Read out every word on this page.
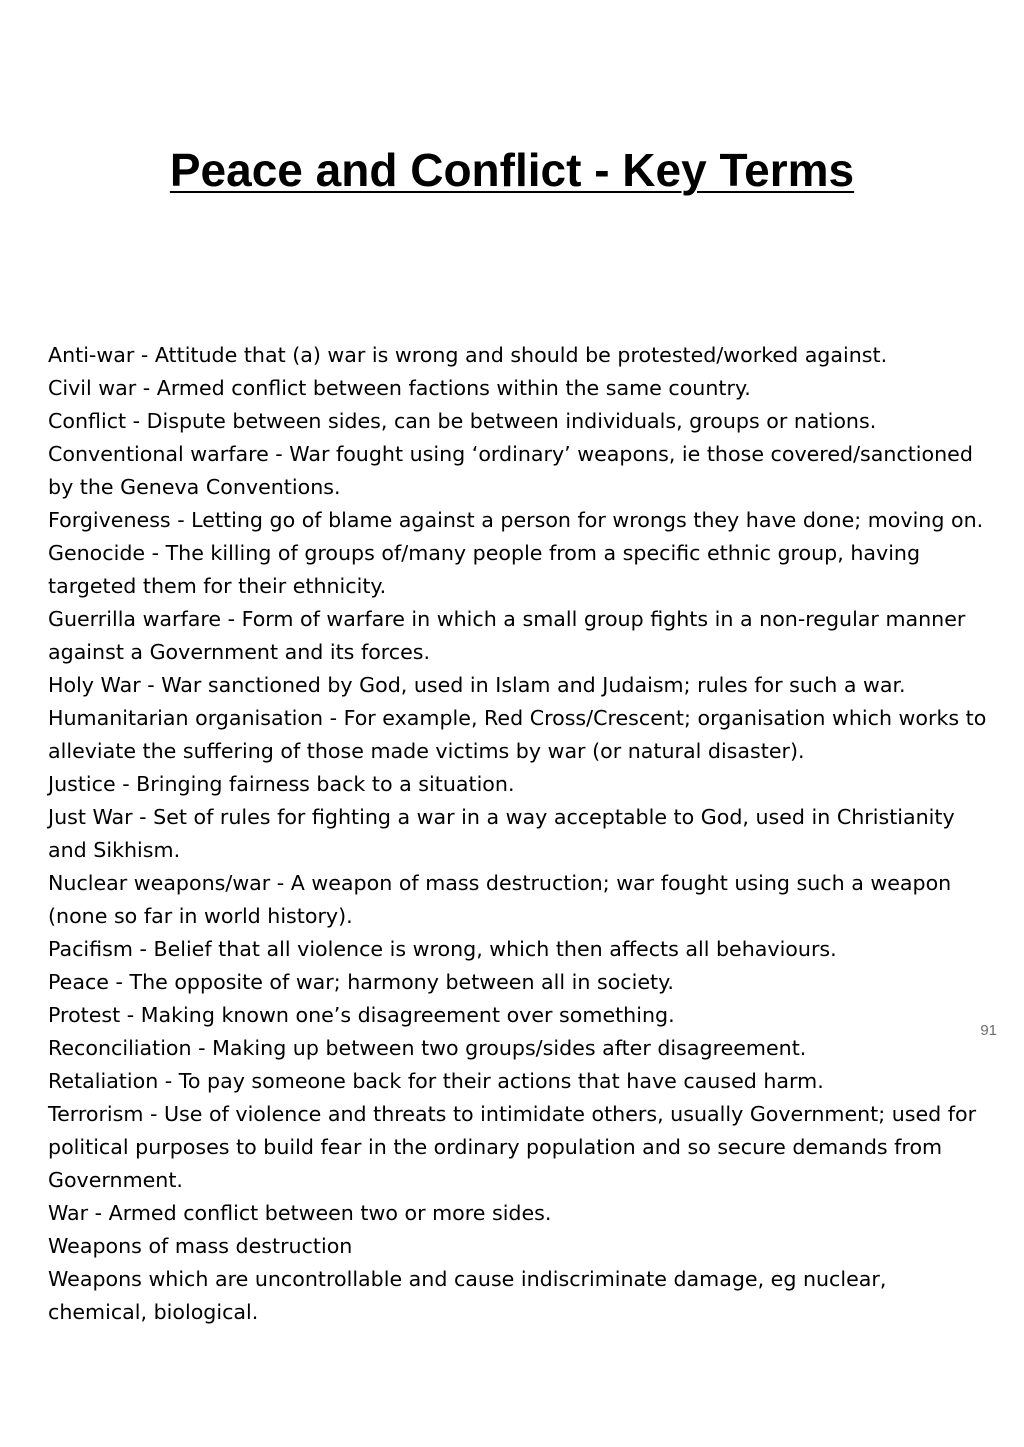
Peace and Conflict - Key Terms

Anti-war - Attitude that (a) war is wrong and should be protested/worked against.

Civil war - Armed conflict between factions within the same country.

Conflict - Dispute between sides, can be between individuals, groups or nations.

Conventional warfare - War fought using ‘ordinary’ weapons, ie those covered/sanctioned by the Geneva Conventions.

Forgiveness - Letting go of blame against a person for wrongs they have done; moving on.

Genocide - The killing of groups of/many people from a specific ethnic group, having targeted them for their ethnicity.

Guerrilla warfare - Form of warfare in which a small group fights in a non-regular manner against a Government and its forces.

Holy War - War sanctioned by God, used in Islam and Judaism; rules for such a war.

Humanitarian organisation - For example, Red Cross/Crescent; organisation which works to alleviate the suffering of those made victims by war (or natural disaster).

Justice - Bringing fairness back to a situation.

Just War - Set of rules for fighting a war in a way acceptable to God, used in Christianity and Sikhism.

Nuclear weapons/war - A weapon of mass destruction; war fought using such a weapon (none so far in world history).

Pacifism - Belief that all violence is wrong, which then affects all behaviours.

Peace - The opposite of war; harmony between all in society.

Protest - Making known one’s disagreement over something.

Reconciliation - Making up between two groups/sides after disagreement.

Retaliation - To pay someone back for their actions that have caused harm.

Terrorism - Use of violence and threats to intimidate others, usually Government; used for political purposes to build fear in the ordinary population and so secure demands from Government.

War - Armed conflict between two or more sides.

Weapons of mass destruction

Weapons which are uncontrollable and cause indiscriminate damage, eg nuclear, chemical, biological.

91
